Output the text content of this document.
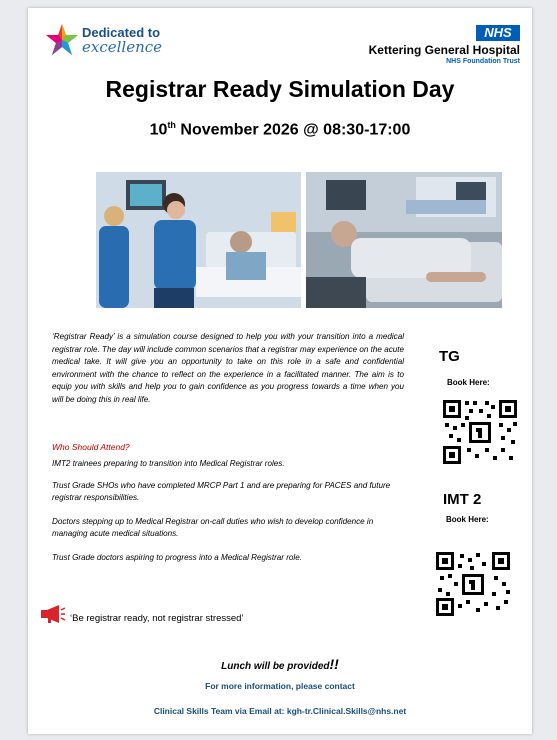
Dedicated to
excellence
NHS
Kettering General Hospital
NHS Foundation Trust
Registrar Ready Simulation Day
10th November 2026 @ 08:30-17:00
‘Registrar Ready’ is a simulation course designed to help you with your transition into a medical registrar role. The day will include common scenarios that a registrar may experience on the acute medical take. It will give you an opportunity to take on this role in a safe and confidential environment with the chance to reflect on the experience in a facilitated manner. The aim is to equip you with skills and help you to gain confidence as you progress towards a time when you will be doing this in real life.
Who Should Attend?
IMT2 trainees preparing to transition into Medical Registrar roles.
Trust Grade SHOs who have completed MRCP Part 1 and are preparing for PACES and future registrar responsibilities.
Doctors stepping up to Medical Registrar on-call duties who wish to develop confidence in managing acute medical situations.
Trust Grade doctors aspiring to progress into a Medical Registrar role.
TG
Book Here:
IMT 2
Book Here:
‘Be registrar ready, not registrar stressed’
Lunch will be provided!!
For more information, please contact
Clinical Skills Team via Email at: kgh-tr.Clinical.Skills@nhs.net
